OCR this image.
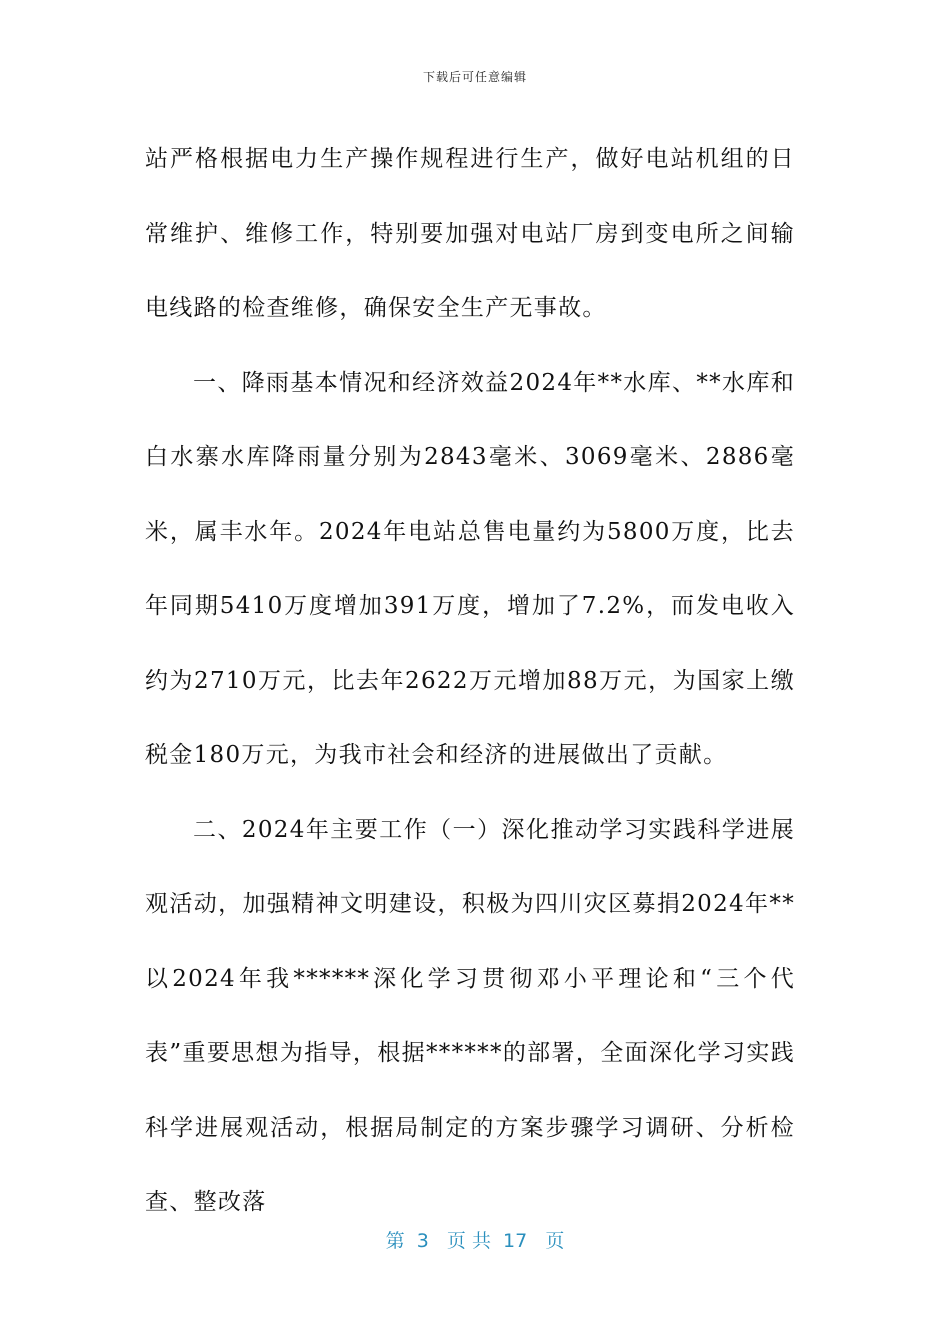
下载后可任意编辑

站严格根据电力生产操作规程进行生产，做好电站机组的日常维护、维修工作，特别要加强对电站厂房到变电所之间输电线路的检查维修，确保安全生产无事故。

一、降雨基本情况和经济效益2024年**水库、**水库和白水寨水库降雨量分别为2843毫米、3069毫米、2886毫米，属丰水年。2024年电站总售电量约为5800万度，比去年同期5410万度增加391万度，增加了7.2%，而发电收入约为2710万元，比去年2622万元增加88万元，为国家上缴税金180万元，为我市社会和经济的进展做出了贡献。

二、2024年主要工作（一）深化推动学习实践科学进展观活动，加强精神文明建设，积极为四川灾区募捐2024年**以2024年我******深化学习贯彻邓小平理论和“三个代表”重要思想为指导，根据******的部署，全面深化学习实践科学进展观活动，根据局制定的方案步骤学习调研、分析检查、整改落

第  3   页 共  17   页
